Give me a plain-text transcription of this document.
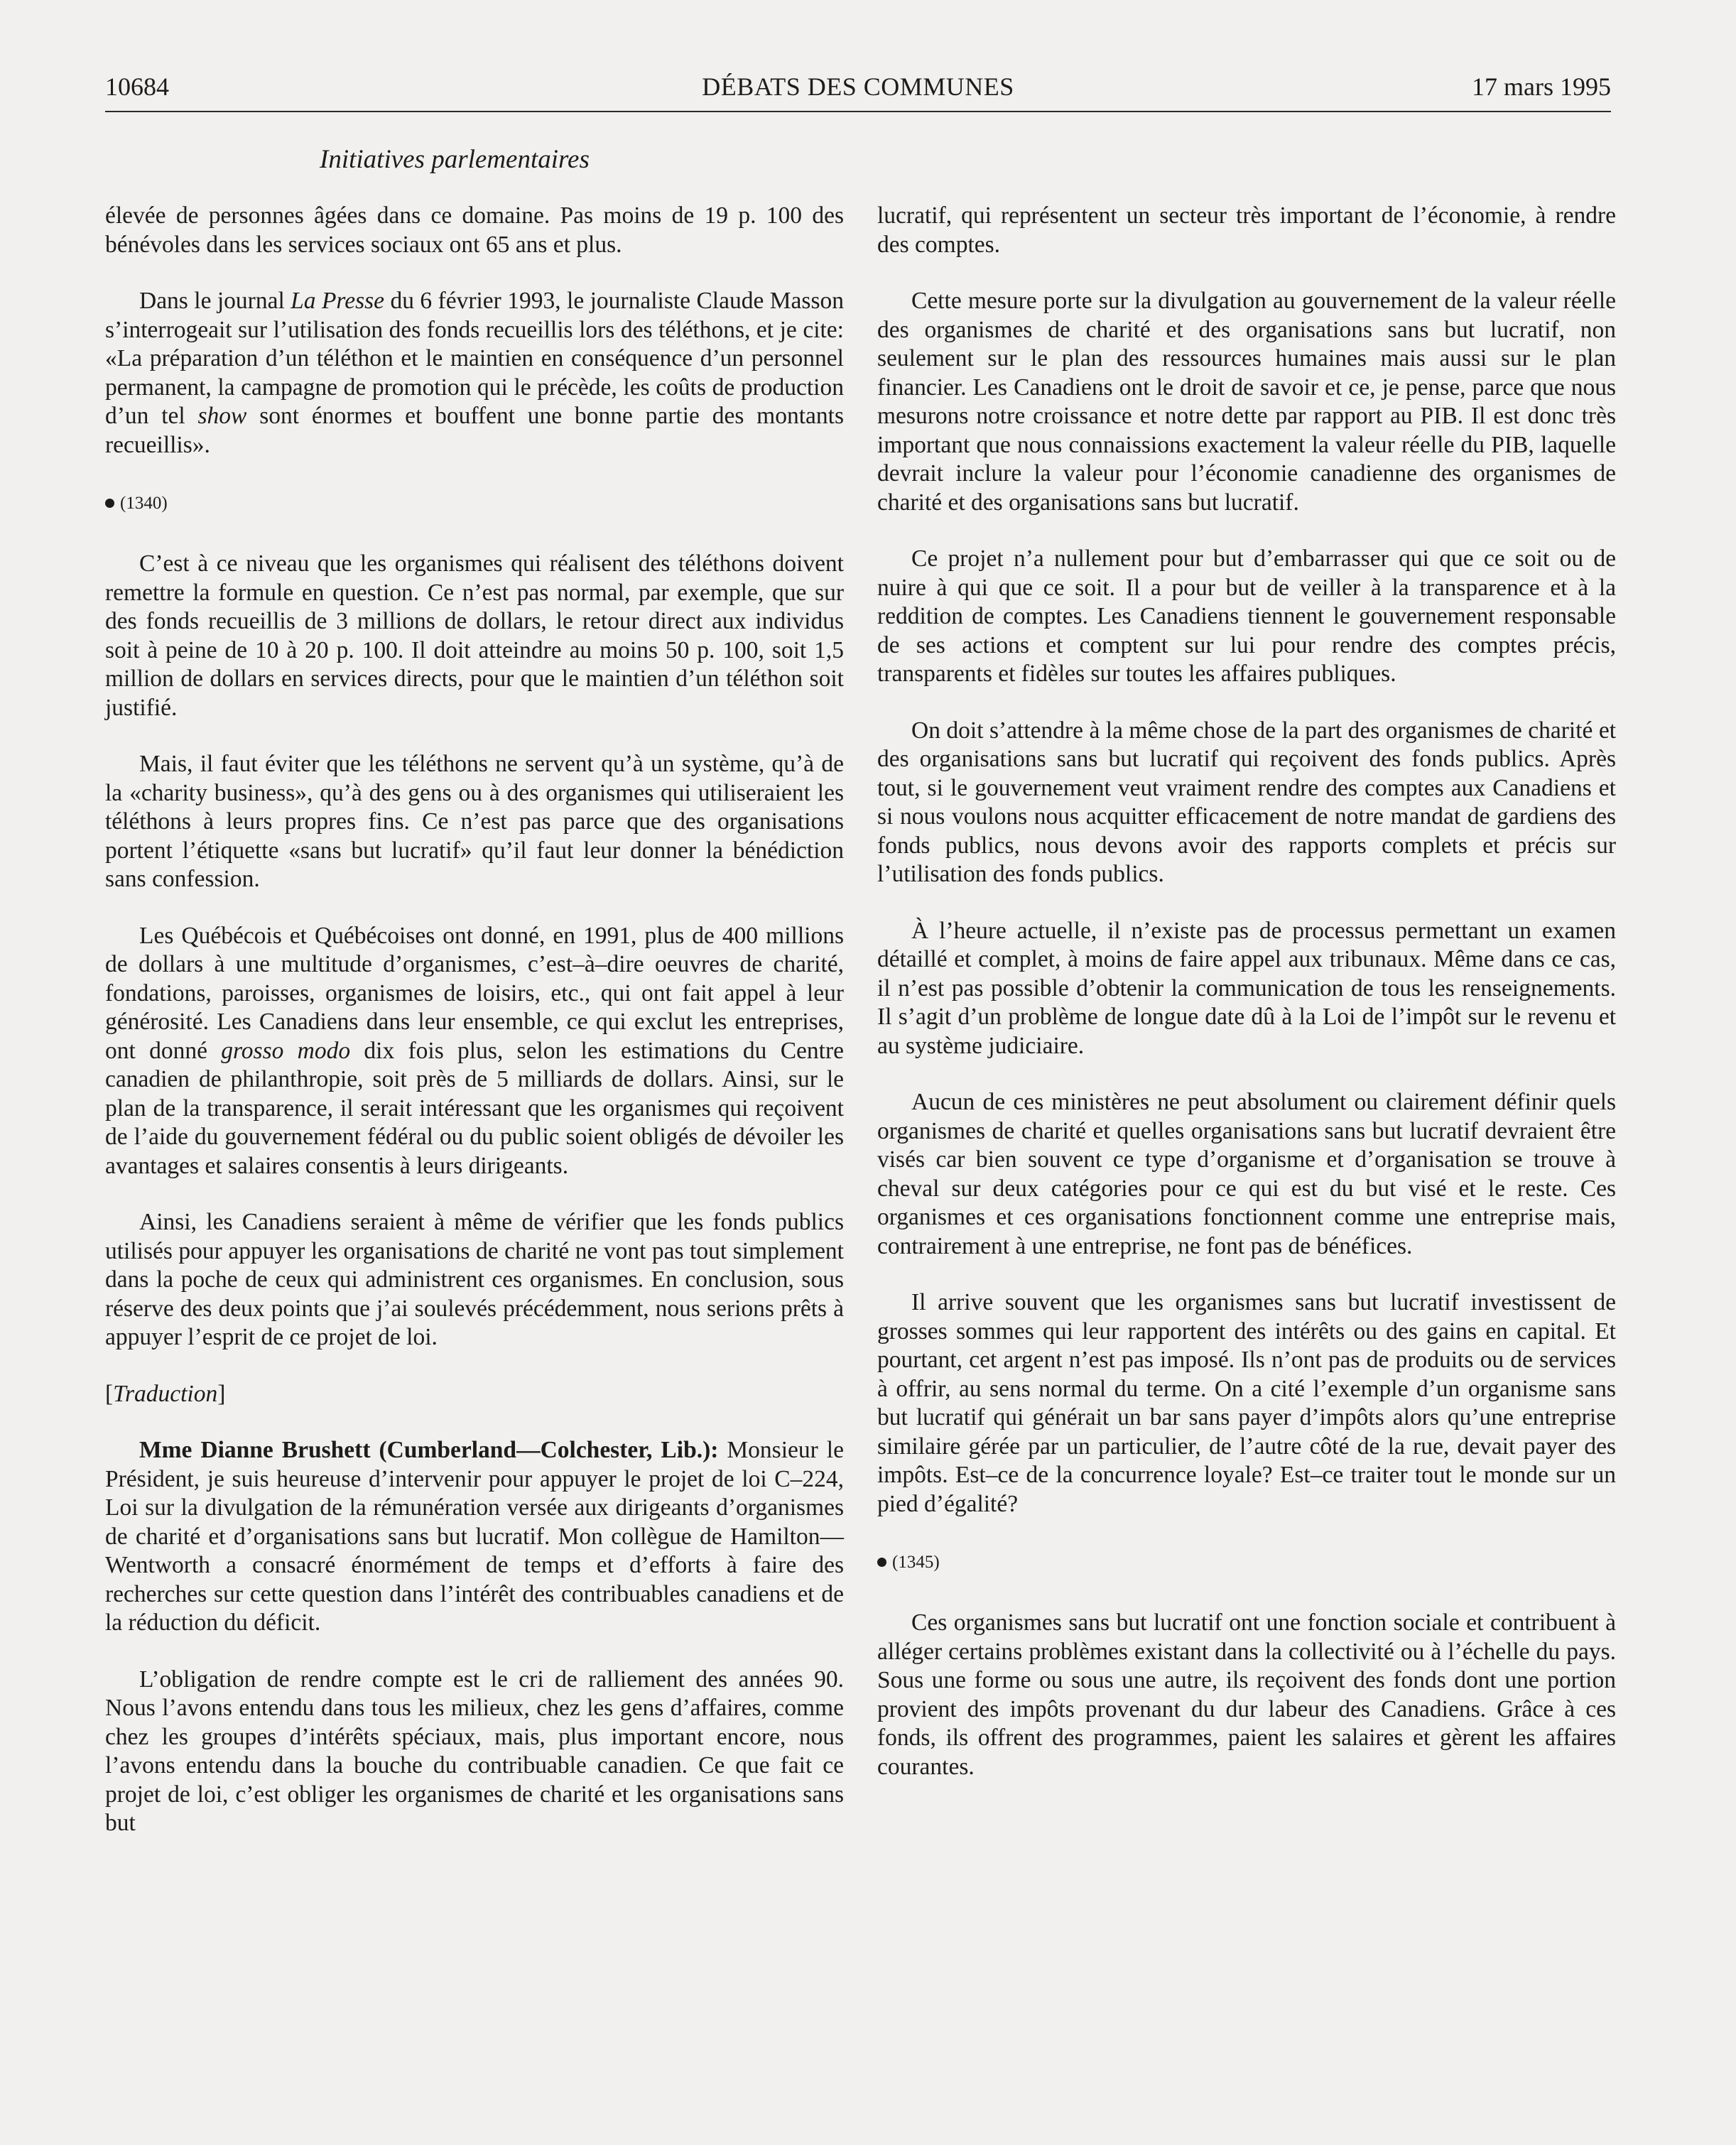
10684	DÉBATS DES COMMUNES	17 mars 1995
Initiatives parlementaires

élevée de personnes âgées dans ce domaine. Pas moins de 19 p. 100 des bénévoles dans les services sociaux ont 65 ans et plus.

Dans le journal La Presse du 6 février 1993, le journaliste Claude Masson s’interrogeait sur l’utilisation des fonds recueillis lors des téléthons, et je cite: «La préparation d’un téléthon et le maintien en conséquence d’un personnel permanent, la campagne de promotion qui le précède, les coûts de production d’un tel show sont énormes et bouffent une bonne partie des montants recueillis».

(1340)

C’est à ce niveau que les organismes qui réalisent des téléthons doivent remettre la formule en question. Ce n’est pas normal, par exemple, que sur des fonds recueillis de 3 millions de dollars, le retour direct aux individus soit à peine de 10 à 20 p. 100. Il doit atteindre au moins 50 p. 100, soit 1,5 million de dollars en services directs, pour que le maintien d’un téléthon soit justifié.

Mais, il faut éviter que les téléthons ne servent qu’à un système, qu’à de la «charity business», qu’à des gens ou à des organismes qui utiliseraient les téléthons à leurs propres fins. Ce n’est pas parce que des organisations portent l’étiquette «sans but lucratif» qu’il faut leur donner la bénédiction sans confession.

Les Québécois et Québécoises ont donné, en 1991, plus de 400 millions de dollars à une multitude d’organismes, c’est–à–dire oeuvres de charité, fondations, paroisses, organismes de loisirs, etc., qui ont fait appel à leur générosité. Les Canadiens dans leur ensemble, ce qui exclut les entreprises, ont donné grosso modo dix fois plus, selon les estimations du Centre canadien de philanthropie, soit près de 5 milliards de dollars. Ainsi, sur le plan de la transparence, il serait intéressant que les organismes qui reçoivent de l’aide du gouvernement fédéral ou du public soient obligés de dévoiler les avantages et salaires consentis à leurs dirigeants.

Ainsi, les Canadiens seraient à même de vérifier que les fonds publics utilisés pour appuyer les organisations de charité ne vont pas tout simplement dans la poche de ceux qui administrent ces organismes. En conclusion, sous réserve des deux points que j’ai soulevés précédemment, nous serions prêts à appuyer l’esprit de ce projet de loi.

[Traduction]

Mme Dianne Brushett (Cumberland—Colchester, Lib.): Monsieur le Président, je suis heureuse d’intervenir pour appuyer le projet de loi C–224, Loi sur la divulgation de la rémunération versée aux dirigeants d’organismes de charité et d’organisations sans but lucratif. Mon collègue de Hamilton—Wentworth a consacré énormément de temps et d’efforts à faire des recherches sur cette question dans l’intérêt des contribuables canadiens et de la réduction du déficit.

L’obligation de rendre compte est le cri de ralliement des années 90. Nous l’avons entendu dans tous les milieux, chez les gens d’affaires, comme chez les groupes d’intérêts spéciaux, mais, plus important encore, nous l’avons entendu dans la bouche du contribuable canadien. Ce que fait ce projet de loi, c’est obliger les organismes de charité et les organisations sans but

lucratif, qui représentent un secteur très important de l’économie, à rendre des comptes.

Cette mesure porte sur la divulgation au gouvernement de la valeur réelle des organismes de charité et des organisations sans but lucratif, non seulement sur le plan des ressources humaines mais aussi sur le plan financier. Les Canadiens ont le droit de savoir et ce, je pense, parce que nous mesurons notre croissance et notre dette par rapport au PIB. Il est donc très important que nous connaissions exactement la valeur réelle du PIB, laquelle devrait inclure la valeur pour l’économie canadienne des organismes de charité et des organisations sans but lucratif.

Ce projet n’a nullement pour but d’embarrasser qui que ce soit ou de nuire à qui que ce soit. Il a pour but de veiller à la transparence et à la reddition de comptes. Les Canadiens tiennent le gouvernement responsable de ses actions et comptent sur lui pour rendre des comptes précis, transparents et fidèles sur toutes les affaires publiques.

On doit s’attendre à la même chose de la part des organismes de charité et des organisations sans but lucratif qui reçoivent des fonds publics. Après tout, si le gouvernement veut vraiment rendre des comptes aux Canadiens et si nous voulons nous acquitter efficacement de notre mandat de gardiens des fonds publics, nous devons avoir des rapports complets et précis sur l’utilisation des fonds publics.

À l’heure actuelle, il n’existe pas de processus permettant un examen détaillé et complet, à moins de faire appel aux tribunaux. Même dans ce cas, il n’est pas possible d’obtenir la communication de tous les renseignements. Il s’agit d’un problème de longue date dû à la Loi de l’impôt sur le revenu et au système judiciaire.

Aucun de ces ministères ne peut absolument ou clairement définir quels organismes de charité et quelles organisations sans but lucratif devraient être visés car bien souvent ce type d’organisme et d’organisation se trouve à cheval sur deux catégories pour ce qui est du but visé et le reste. Ces organismes et ces organisations fonctionnent comme une entreprise mais, contrairement à une entreprise, ne font pas de bénéfices.

Il arrive souvent que les organismes sans but lucratif investissent de grosses sommes qui leur rapportent des intérêts ou des gains en capital. Et pourtant, cet argent n’est pas imposé. Ils n’ont pas de produits ou de services à offrir, au sens normal du terme. On a cité l’exemple d’un organisme sans but lucratif qui générait un bar sans payer d’impôts alors qu’une entreprise similaire gérée par un particulier, de l’autre côté de la rue, devait payer des impôts. Est–ce de la concurrence loyale? Est–ce traiter tout le monde sur un pied d’égalité?

(1345)

Ces organismes sans but lucratif ont une fonction sociale et contribuent à alléger certains problèmes existant dans la collectivité ou à l’échelle du pays. Sous une forme ou sous une autre, ils reçoivent des fonds dont une portion provient des impôts provenant du dur labeur des Canadiens. Grâce à ces fonds, ils offrent des programmes, paient les salaires et gèrent les affaires courantes.
